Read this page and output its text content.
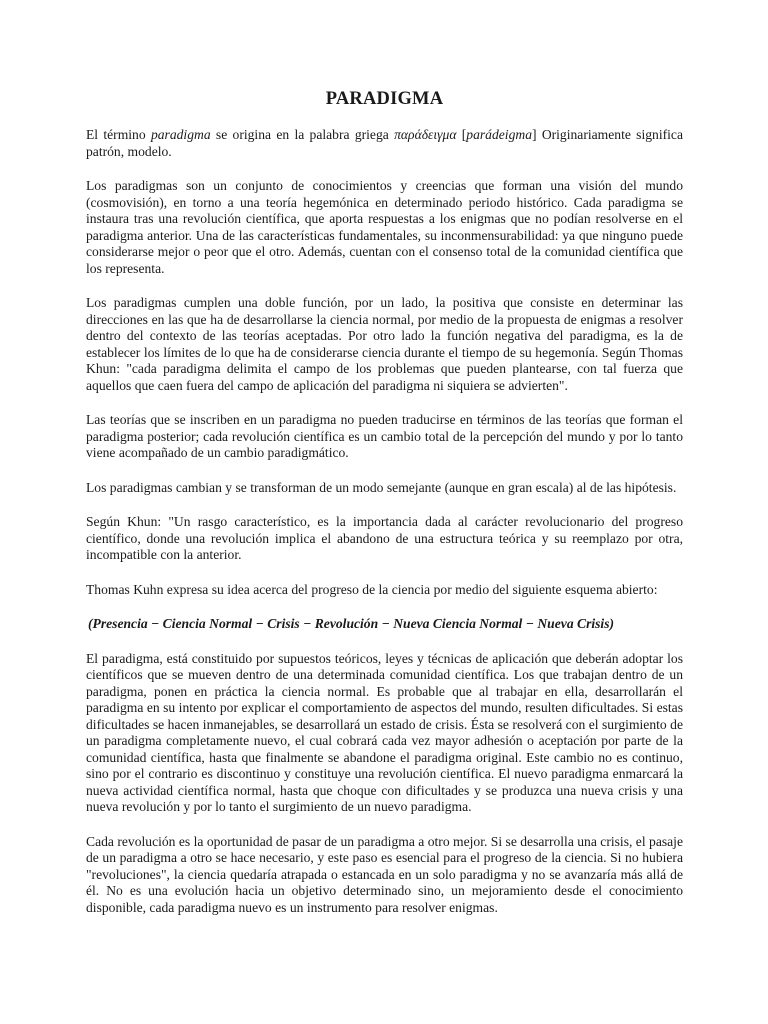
PARADIGMA

El término paradigma se origina en la palabra griega παράδειγμα [parádeigma] Originariamente significa patrón, modelo.

Los paradigmas son un conjunto de conocimientos y creencias que forman una visión del mundo (cosmovisión), en torno a una teoría hegemónica en determinado periodo histórico. Cada paradigma se instaura tras una revolución científica, que aporta respuestas a los enigmas que no podían resolverse en el paradigma anterior. Una de las características fundamentales, su inconmensurabilidad: ya que ninguno puede considerarse mejor o peor que el otro. Además, cuentan con el consenso total de la comunidad científica que los representa.

Los paradigmas cumplen una doble función, por un lado, la positiva que consiste en determinar las direcciones en las que ha de desarrollarse la ciencia normal, por medio de la propuesta de enigmas a resolver dentro del contexto de las teorías aceptadas. Por otro lado la función negativa del paradigma, es la de establecer los límites de lo que ha de considerarse ciencia durante el tiempo de su hegemonía. Según Thomas Khun: "cada paradigma delimita el campo de los problemas que pueden plantearse, con tal fuerza que aquellos que caen fuera del campo de aplicación del paradigma ni siquiera se advierten".

Las teorías que se inscriben en un paradigma no pueden traducirse en términos de las teorías que forman el paradigma posterior; cada revolución científica es un cambio total de la percepción del mundo y por lo tanto viene acompañado de un cambio paradigmático.

Los paradigmas cambian y se transforman de un modo semejante (aunque en gran escala) al de las hipótesis.

Según Khun: "Un rasgo característico, es la importancia dada al carácter revolucionario del progreso científico, donde una revolución implica el abandono de una estructura teórica y su reemplazo por otra, incompatible con la anterior.

Thomas Kuhn expresa su idea acerca del progreso de la ciencia por medio del siguiente esquema abierto:

(Presencia − Ciencia Normal − Crisis − Revolución − Nueva Ciencia Normal − Nueva Crisis)

El paradigma, está constituido por supuestos teóricos, leyes y técnicas de aplicación que deberán adoptar los científicos que se mueven dentro de una determinada comunidad científica. Los que trabajan dentro de un paradigma, ponen en práctica la ciencia normal. Es probable que al trabajar en ella, desarrollarán el paradigma en su intento por explicar el comportamiento de aspectos del mundo, resulten dificultades. Si estas dificultades se hacen inmanejables, se desarrollará un estado de crisis. Ésta se resolverá con el surgimiento de un paradigma completamente nuevo, el cual cobrará cada vez mayor adhesión o aceptación por parte de la comunidad científica, hasta que finalmente se abandone el paradigma original. Este cambio no es continuo, sino por el contrario es discontinuo y constituye una revolución científica. El nuevo paradigma enmarcará la nueva actividad científica normal, hasta que choque con dificultades y se produzca una nueva crisis y una nueva revolución y por lo tanto el surgimiento de un nuevo paradigma.

Cada revolución es la oportunidad de pasar de un paradigma a otro mejor. Si se desarrolla una crisis, el pasaje de un paradigma a otro se hace necesario, y este paso es esencial para el progreso de la ciencia. Si no hubiera "revoluciones", la ciencia quedaría atrapada o estancada en un solo paradigma y no se avanzaría más allá de él. No es una evolución hacia un objetivo determinado sino, un mejoramiento desde el conocimiento disponible, cada paradigma nuevo es un instrumento para resolver enigmas.
